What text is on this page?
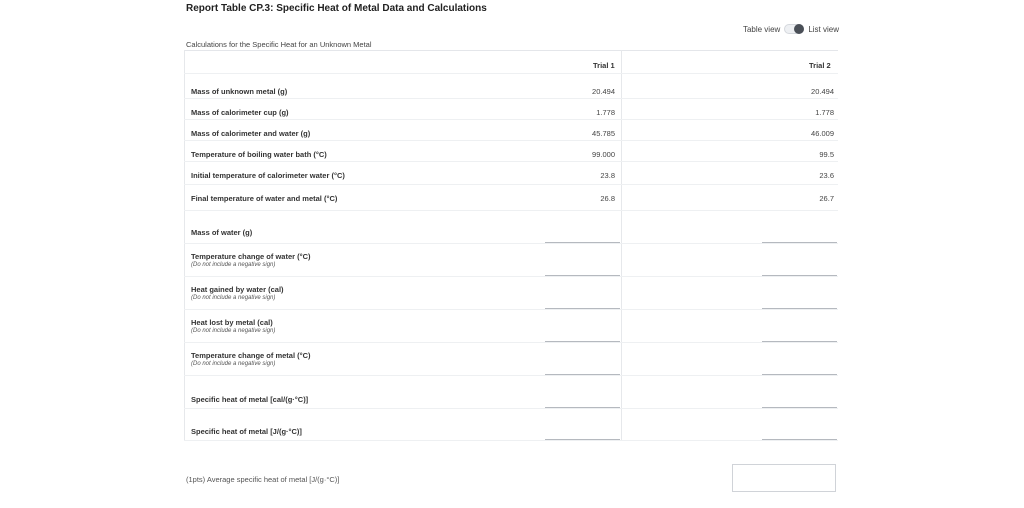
Report Table CP.3: Specific Heat of Metal Data and Calculations
Table view	List view
Calculations for the Specific Heat for an Unknown Metal
Trial 1	Trial 2
Mass of unknown metal (g)	20.494	20.494
Mass of calorimeter cup (g)	1.778	1.778
Mass of calorimeter and water (g)	45.785	46.009
Temperature of boiling water bath (°C)	99.000	99.5
Initial temperature of calorimeter water (°C)	23.8	23.6
Final temperature of water and metal (°C)	26.8	26.7
Mass of water (g)
Temperature change of water (°C)
(Do not include a negative sign)
Heat gained by water (cal)
(Do not include a negative sign)
Heat lost by metal (cal)
(Do not include a negative sign)
Temperature change of metal (°C)
(Do not include a negative sign)
Specific heat of metal [cal/(g·°C)]
Specific heat of metal [J/(g·°C)]
(1pts) Average specific heat of metal [J/(g·°C)]
